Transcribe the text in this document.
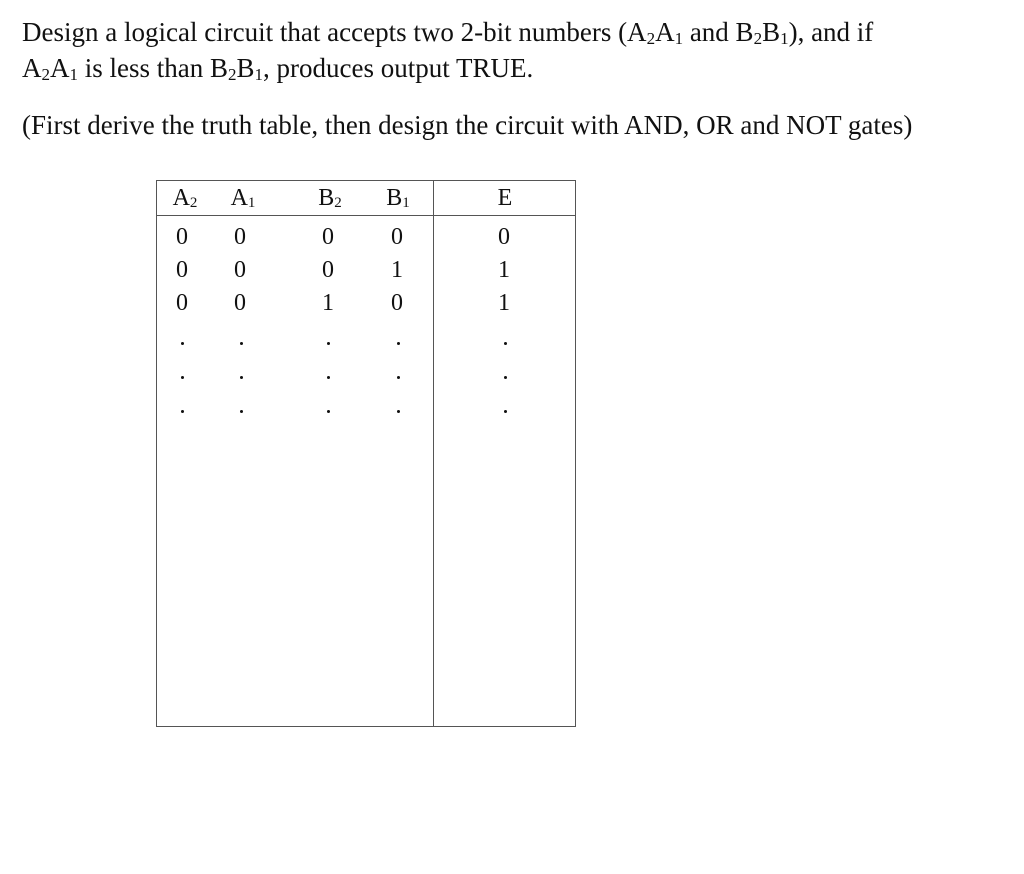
Design a logical circuit that accepts two 2-bit numbers ($A_2A_1$ and $B_2B_1$), and if

$A_2A_1$ is less than $B_2B_1$, produces output TRUE.

(First derive the truth table, then design the circuit with AND, OR and NOT gates)

$A_2$	$A_1$	$B_2$	$B_1$	E
0	0	0	0	0
0	0	0	1	1
0	0	1	0	1
